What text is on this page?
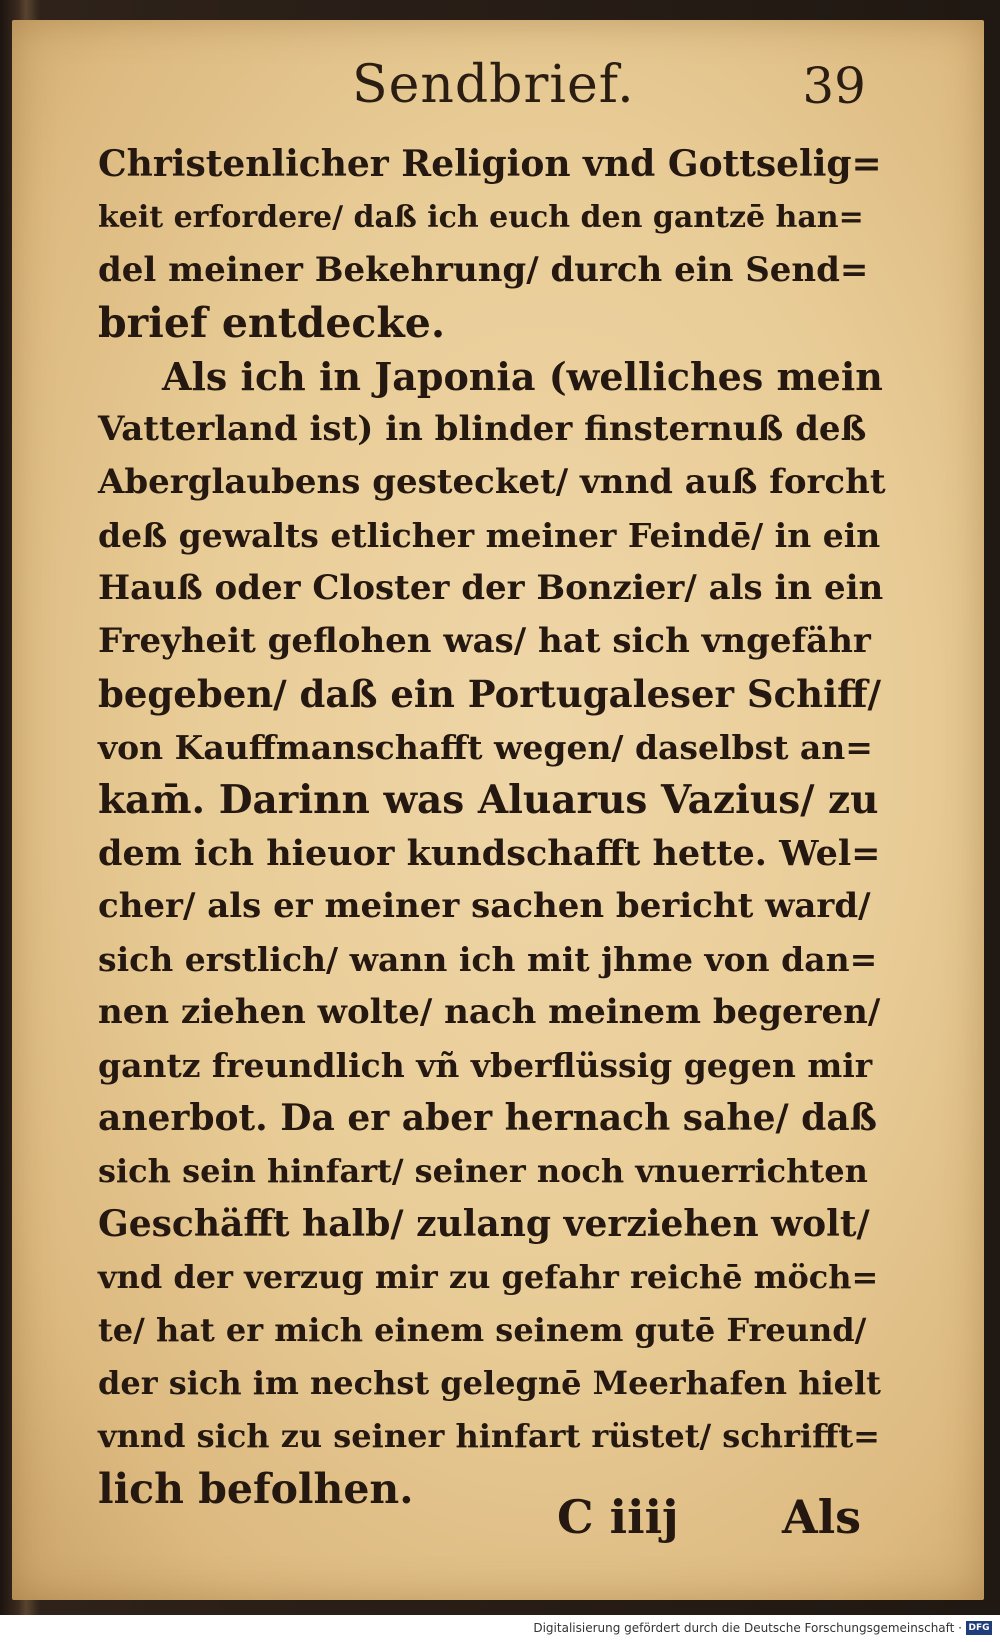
Sendbrief.	39
Christenlicher Religion vnd Gottselig=
keit erfordere/ daß ich euch den gantzē han=
del meiner Bekehrung/ durch ein Send=
brief entdecke.
Als ich in Japonia (welliches mein
Vatterland ist) in blinder finsternuß deß
Aberglaubens gestecket/ vnnd auß forcht
deß gewalts etlicher meiner Feindē/ in ein
Hauß oder Closter der Bonzier/ als in ein
Freyheit geflohen was/ hat sich vngefähr
begeben/ daß ein Portugaleser Schiff/
von Kauffmanschafft wegen/ daselbst an=
kam̄. Darinn was Aluarus Vazius/ zu
dem ich hieuor kundschafft hette. Wel=
cher/ als er meiner sachen bericht ward/
sich erstlich/ wann ich mit jhme von dan=
nen ziehen wolte/ nach meinem begeren/
gantz freundlich vñ vberflüssig gegen mir
anerbot. Da er aber hernach sahe/ daß
sich sein hinfart/ seiner noch vnuerrichten
Geschäfft halb/ zulang verziehen wolt/
vnd der verzug mir zu gefahr reichē möch=
te/ hat er mich einem seinem gutē Freund/
der sich im nechst gelegnē Meerhafen hielt
vnnd sich zu seiner hinfart rüstet/ schrifft=
lich befolhen.
C iiij Als
Digitalisierung gefördert durch die Deutsche Forschungsgemeinschaft · DFG
